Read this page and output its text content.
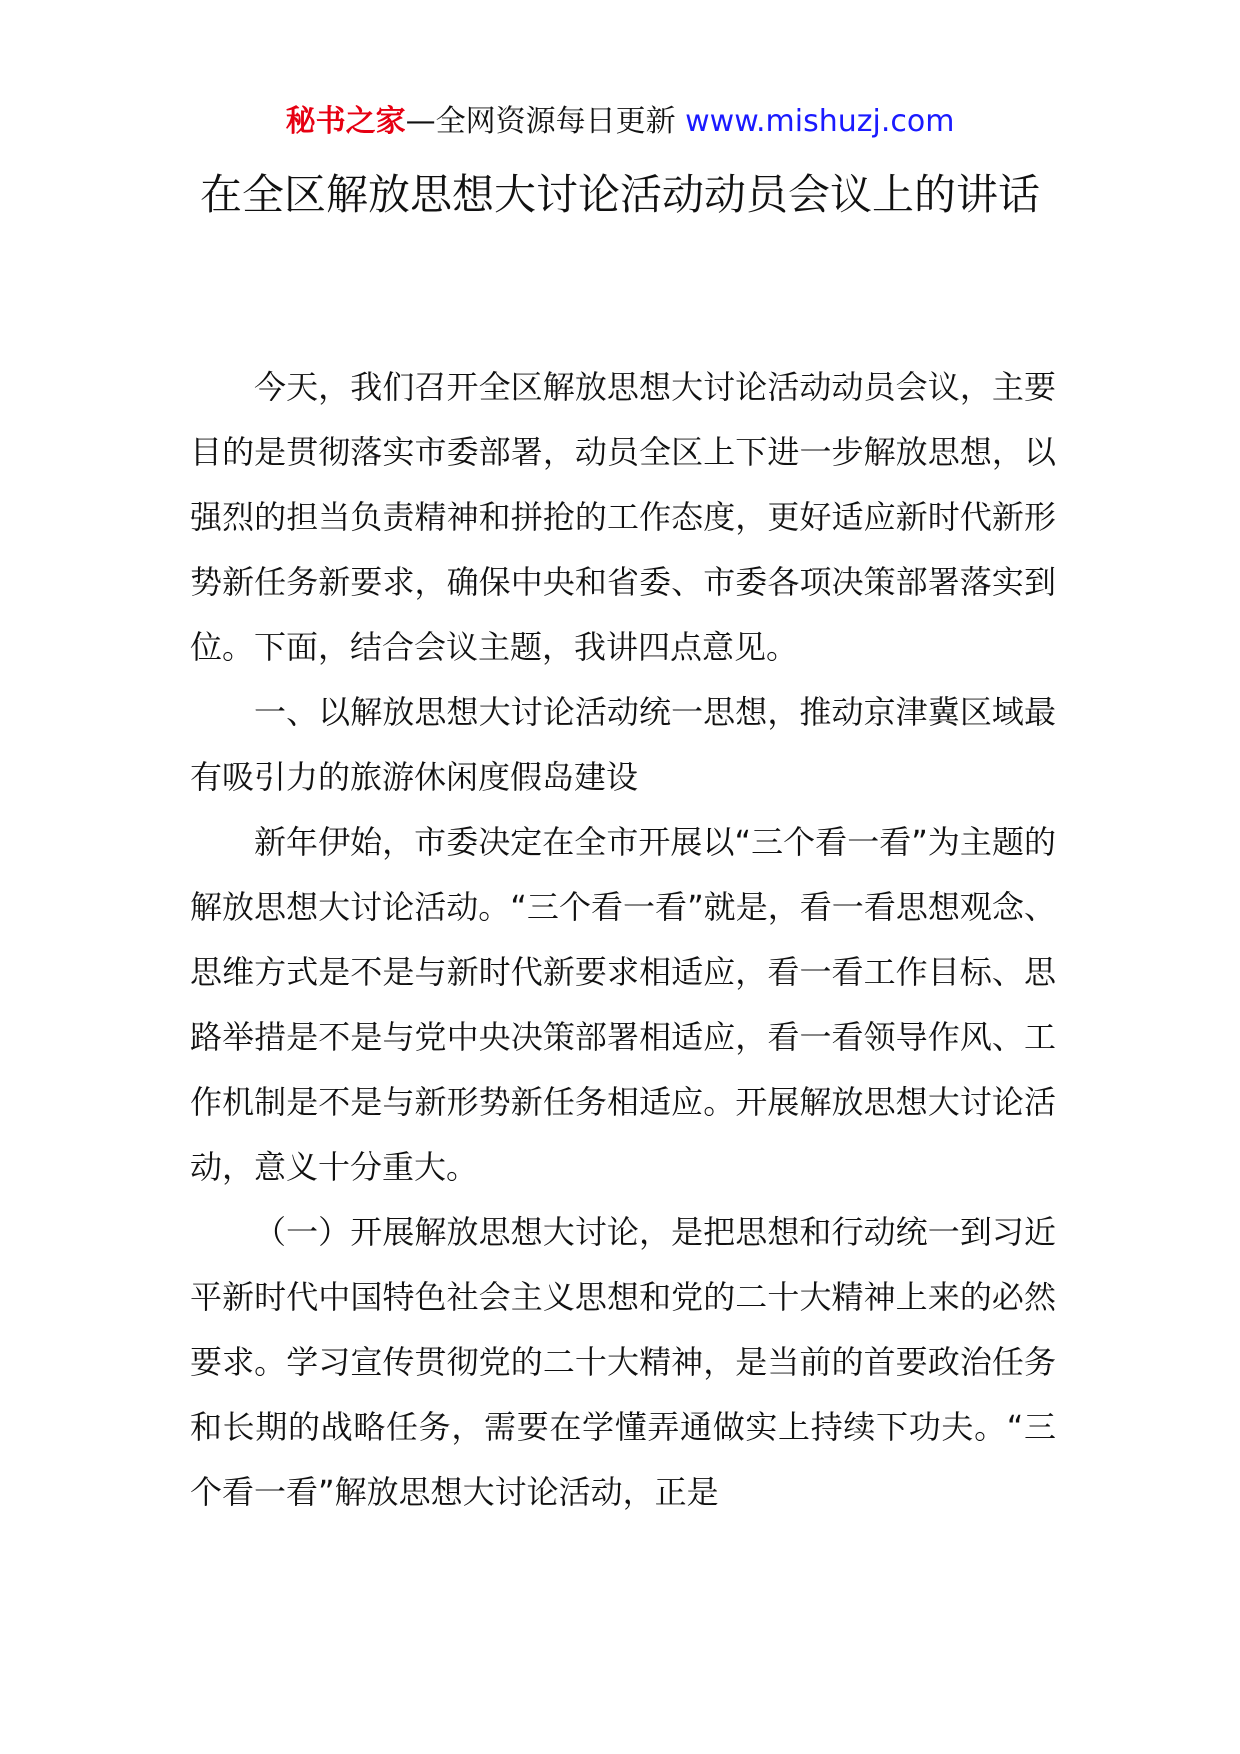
秘书之家—全网资源每日更新 www.mishuzj.com
在全区解放思想大讨论活动动员会议上的讲话

今天，我们召开全区解放思想大讨论活动动员会议，主要目的是贯彻落实市委部署，动员全区上下进一步解放思想，以强烈的担当负责精神和拼抢的工作态度，更好适应新时代新形势新任务新要求，确保中央和省委、市委各项决策部署落实到位。下面，结合会议主题，我讲四点意见。

一、以解放思想大讨论活动统一思想，推动京津冀区域最有吸引力的旅游休闲度假岛建设

新年伊始，市委决定在全市开展以“三个看一看”为主题的解放思想大讨论活动。“三个看一看”就是，看一看思想观念、思维方式是不是与新时代新要求相适应，看一看工作目标、思路举措是不是与党中央决策部署相适应，看一看领导作风、工作机制是不是与新形势新任务相适应。开展解放思想大讨论活动，意义十分重大。

（一）开展解放思想大讨论，是把思想和行动统一到习近平新时代中国特色社会主义思想和党的二十大精神上来的必然要求。学习宣传贯彻党的二十大精神，是当前的首要政治任务和长期的战略任务，需要在学懂弄通做实上持续下功夫。“三个看一看”解放思想大讨论活动，正是
